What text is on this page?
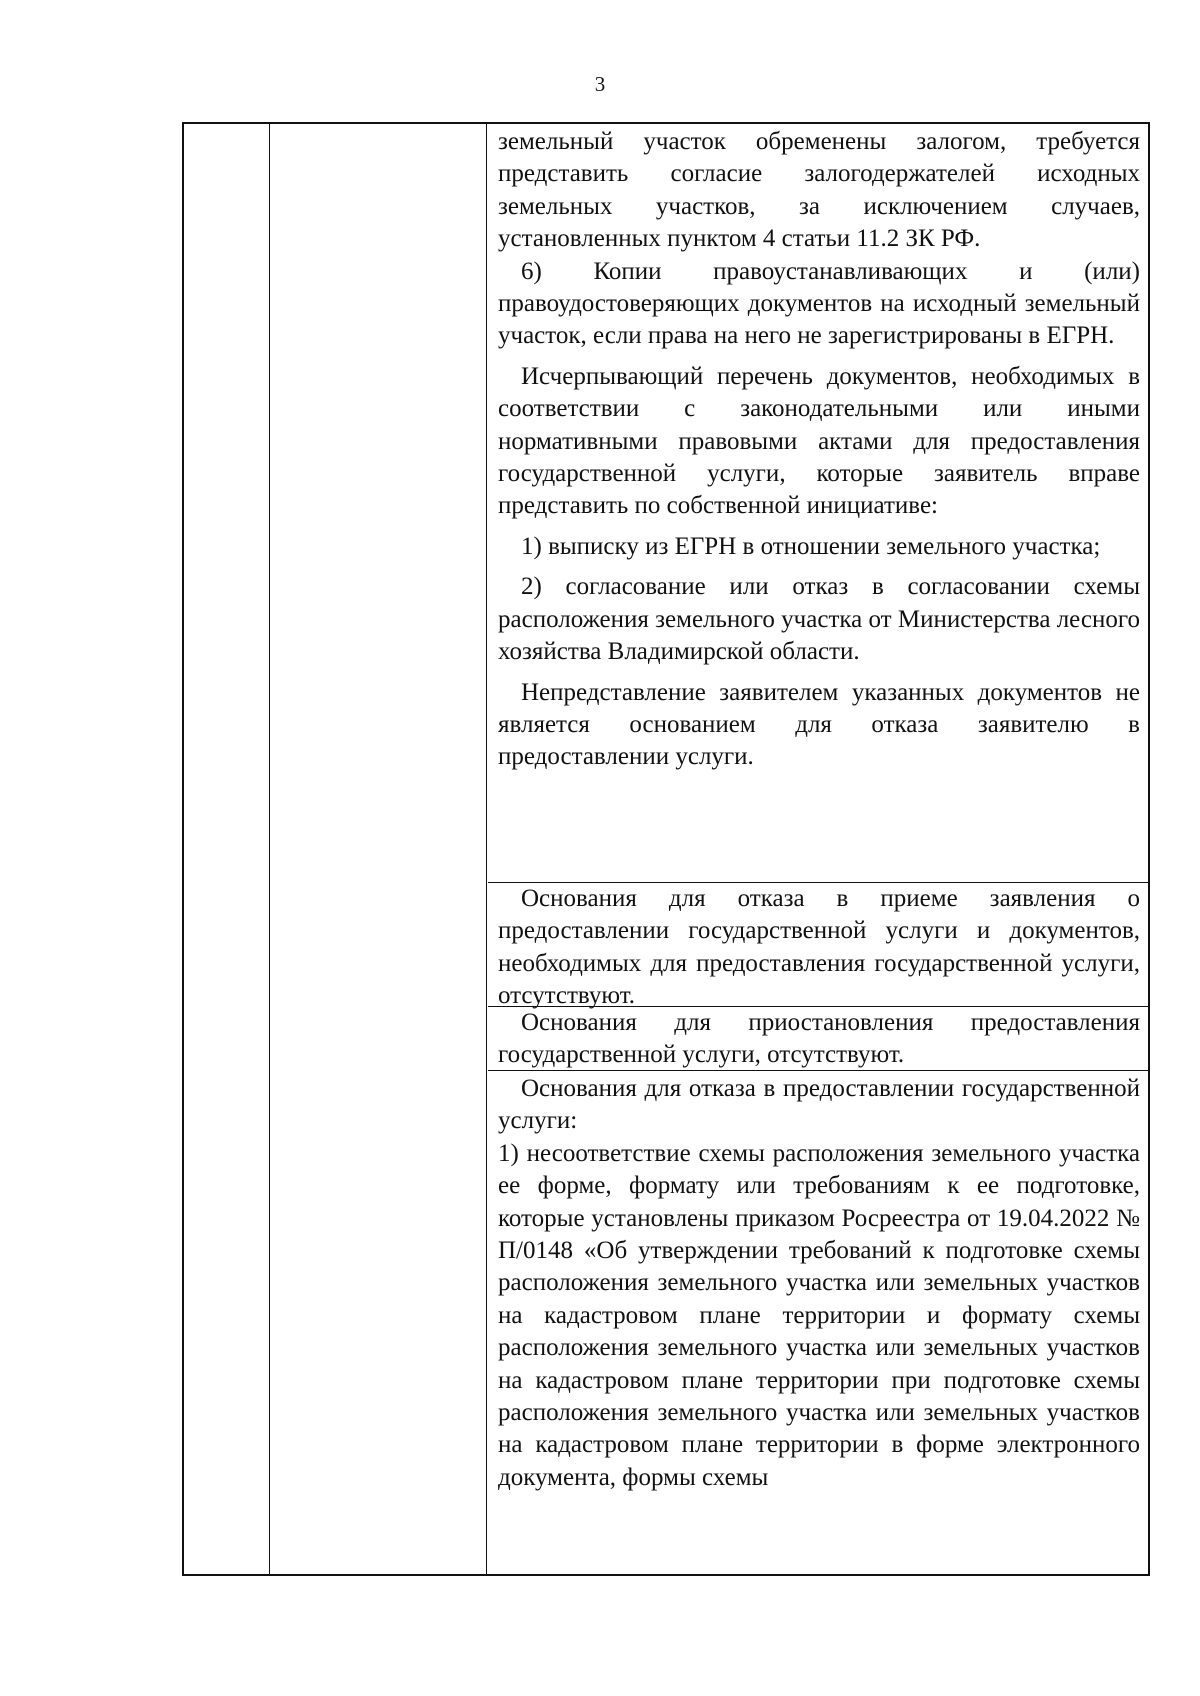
3

земельный участок обременены залогом, требуется представить согласие залогодержателей исходных земельных участков, за исключением случаев, установленных пунктом 4 статьи 11.2 ЗК РФ.

6) Копии правоустанавливающих и (или) правоудостоверяющих документов на исходный земельный участок, если права на него не зарегистрированы в ЕГРН.

Исчерпывающий перечень документов, необходимых в соответствии с законодательными или иными нормативными правовыми актами для предоставления государственной услуги, которые заявитель вправе представить по собственной инициативе:

1) выписку из ЕГРН в отношении земельного участка;

2) согласование или отказ в согласовании схемы расположения земельного участка от Министерства лесного хозяйства Владимирской области.

Непредставление заявителем указанных документов не является основанием для отказа заявителю в предоставлении услуги.

Основания для отказа в приеме заявления о предоставлении государственной услуги и документов, необходимых для предоставления государственной услуги, отсутствуют.

Основания для приостановления предоставления государственной услуги, отсутствуют.

Основания для отказа в предоставлении государственной услуги:

1) несоответствие схемы расположения земельного участка ее форме, формату или требованиям к ее подготовке, которые установлены приказом Росреестра от 19.04.2022 № П/0148 «Об утверждении требований к подготовке схемы расположения земельного участка или земельных участков на кадастровом плане территории и формату схемы расположения земельного участка или земельных участков на кадастровом плане территории при подготовке схемы расположения земельного участка или земельных участков на кадастровом плане территории в форме электронного документа, формы схемы
